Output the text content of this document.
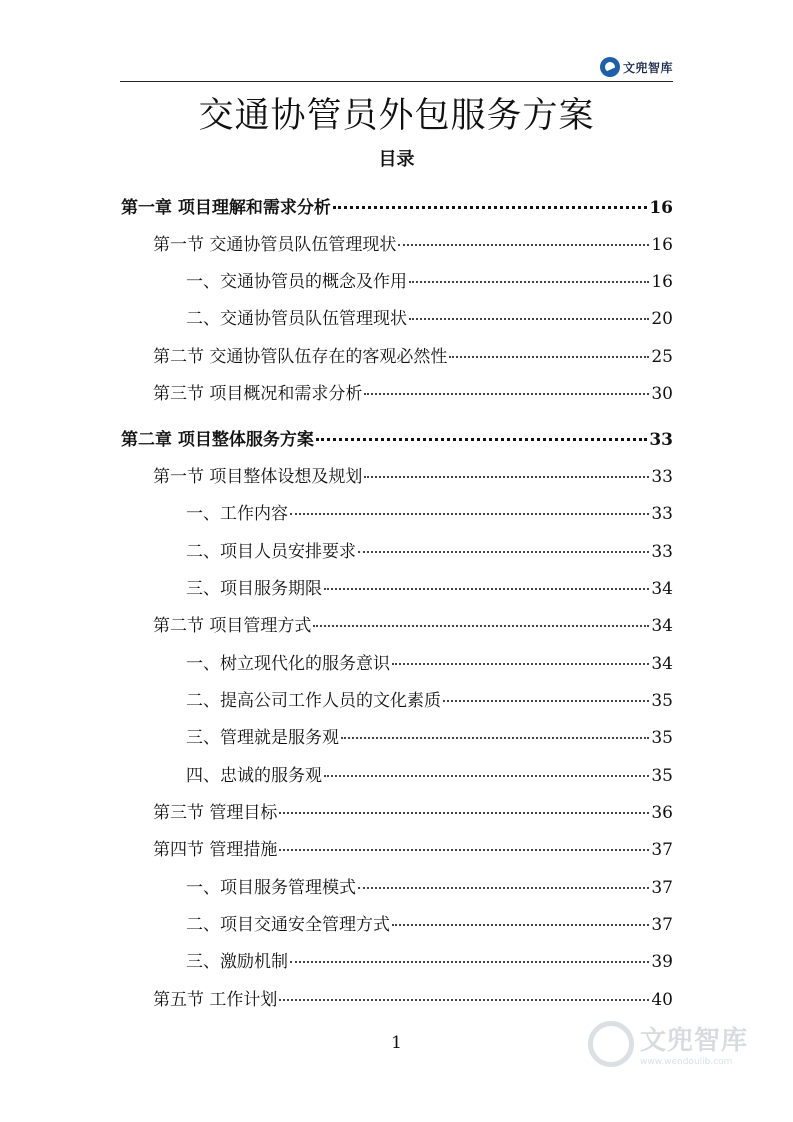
文兜智库
交通协管员外包服务方案
目录
第一章 项目理解和需求分析	16
第一节 交通协管员队伍管理现状	16
一、交通协管员的概念及作用	16
二、交通协管员队伍管理现状	20
第二节 交通协管队伍存在的客观必然性	25
第三节 项目概况和需求分析	30
第二章 项目整体服务方案	33
第一节 项目整体设想及规划	33
一、工作内容	33
二、项目人员安排要求	33
三、项目服务期限	34
第二节 项目管理方式	34
一、树立现代化的服务意识	34
二、提高公司工作人员的文化素质	35
三、管理就是服务观	35
四、忠诚的服务观	35
第三节 管理目标	36
第四节 管理措施	37
一、项目服务管理模式	37
二、项目交通安全管理方式	37
三、激励机制	39
第五节 工作计划	40
1	文兜智库
www.wendoulib.com
